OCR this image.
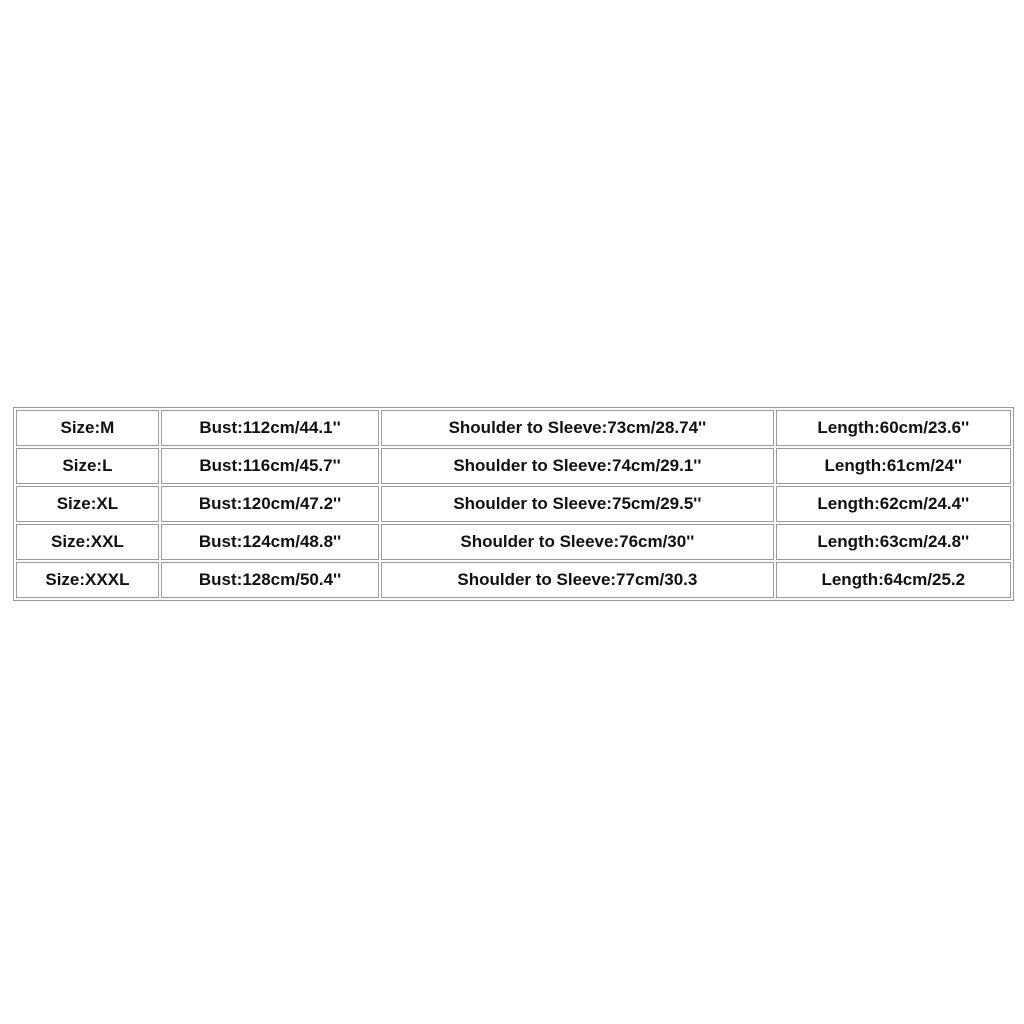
Size:M	Bust:112cm/44.1''	Shoulder to Sleeve:73cm/28.74''	Length:60cm/23.6''
Size:L	Bust:116cm/45.7''	Shoulder to Sleeve:74cm/29.1''	Length:61cm/24''
Size:XL	Bust:120cm/47.2''	Shoulder to Sleeve:75cm/29.5''	Length:62cm/24.4''
Size:XXL	Bust:124cm/48.8''	Shoulder to Sleeve:76cm/30''	Length:63cm/24.8''
Size:XXXL	Bust:128cm/50.4''	Shoulder to Sleeve:77cm/30.3	Length:64cm/25.2
